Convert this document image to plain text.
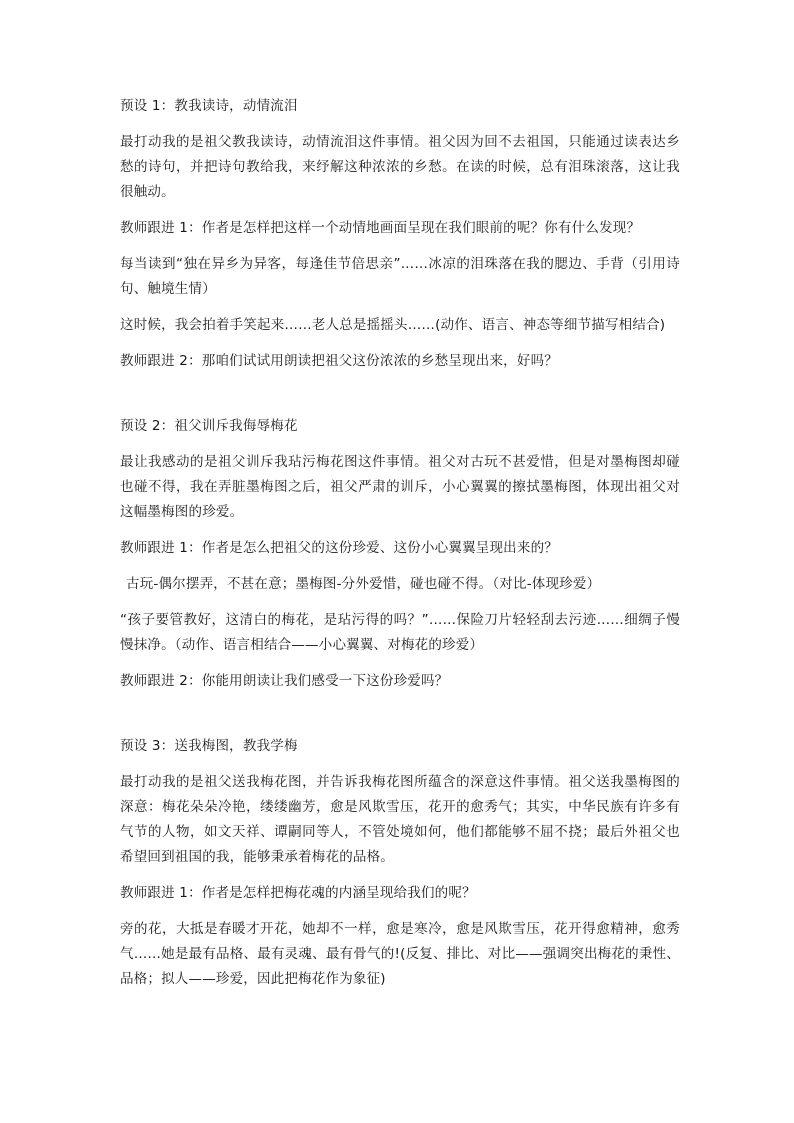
预设 1：教我读诗，动情流泪

最打动我的是祖父教我读诗，动情流泪这件事情。祖父因为回不去祖国，只能通过读表达乡愁的诗句，并把诗句教给我，来纾解这种浓浓的乡愁。在读的时候，总有泪珠滚落，这让我很触动。

教师跟进 1：作者是怎样把这样一个动情地画面呈现在我们眼前的呢？你有什么发现？

每当读到“独在异乡为异客，每逢佳节倍思亲”……冰凉的泪珠落在我的腮边、手背（引用诗句、触境生情）

这时候，我会拍着手笑起来……老人总是摇摇头……(动作、语言、神态等细节描写相结合)

教师跟进 2：那咱们试试用朗读把祖父这份浓浓的乡愁呈现出来，好吗？

预设 2：祖父训斥我侮辱梅花

最让我感动的是祖父训斥我玷污梅花图这件事情。祖父对古玩不甚爱惜，但是对墨梅图却碰也碰不得，我在弄脏墨梅图之后，祖父严肃的训斥，小心翼翼的擦拭墨梅图，体现出祖父对这幅墨梅图的珍爱。

教师跟进 1：作者是怎么把祖父的这份珍爱、这份小心翼翼呈现出来的？

古玩-偶尔摆弄，不甚在意；墨梅图-分外爱惜，碰也碰不得。（对比-体现珍爱）

“孩子要管教好，这清白的梅花，是玷污得的吗？”……保险刀片轻轻刮去污迹……细绸子慢慢抹净。（动作、语言相结合——小心翼翼、对梅花的珍爱）

教师跟进 2：你能用朗读让我们感受一下这份珍爱吗？

预设 3：送我梅图，教我学梅

最打动我的是祖父送我梅花图，并告诉我梅花图所蕴含的深意这件事情。祖父送我墨梅图的深意：梅花朵朵冷艳，缕缕幽芳，愈是风欺雪压，花开的愈秀气；其实，中华民族有许多有气节的人物，如文天祥、谭嗣同等人，不管处境如何，他们都能够不屈不挠；最后外祖父也希望回到祖国的我，能够秉承着梅花的品格。

教师跟进 1：作者是怎样把梅花魂的内涵呈现给我们的呢？

旁的花，大抵是春暖才开花，她却不一样，愈是寒冷，愈是风欺雪压，花开得愈精神，愈秀气……她是最有品格、最有灵魂、最有骨气的!(反复、排比、对比——强调突出梅花的秉性、品格；拟人——珍爱，因此把梅花作为象征)
